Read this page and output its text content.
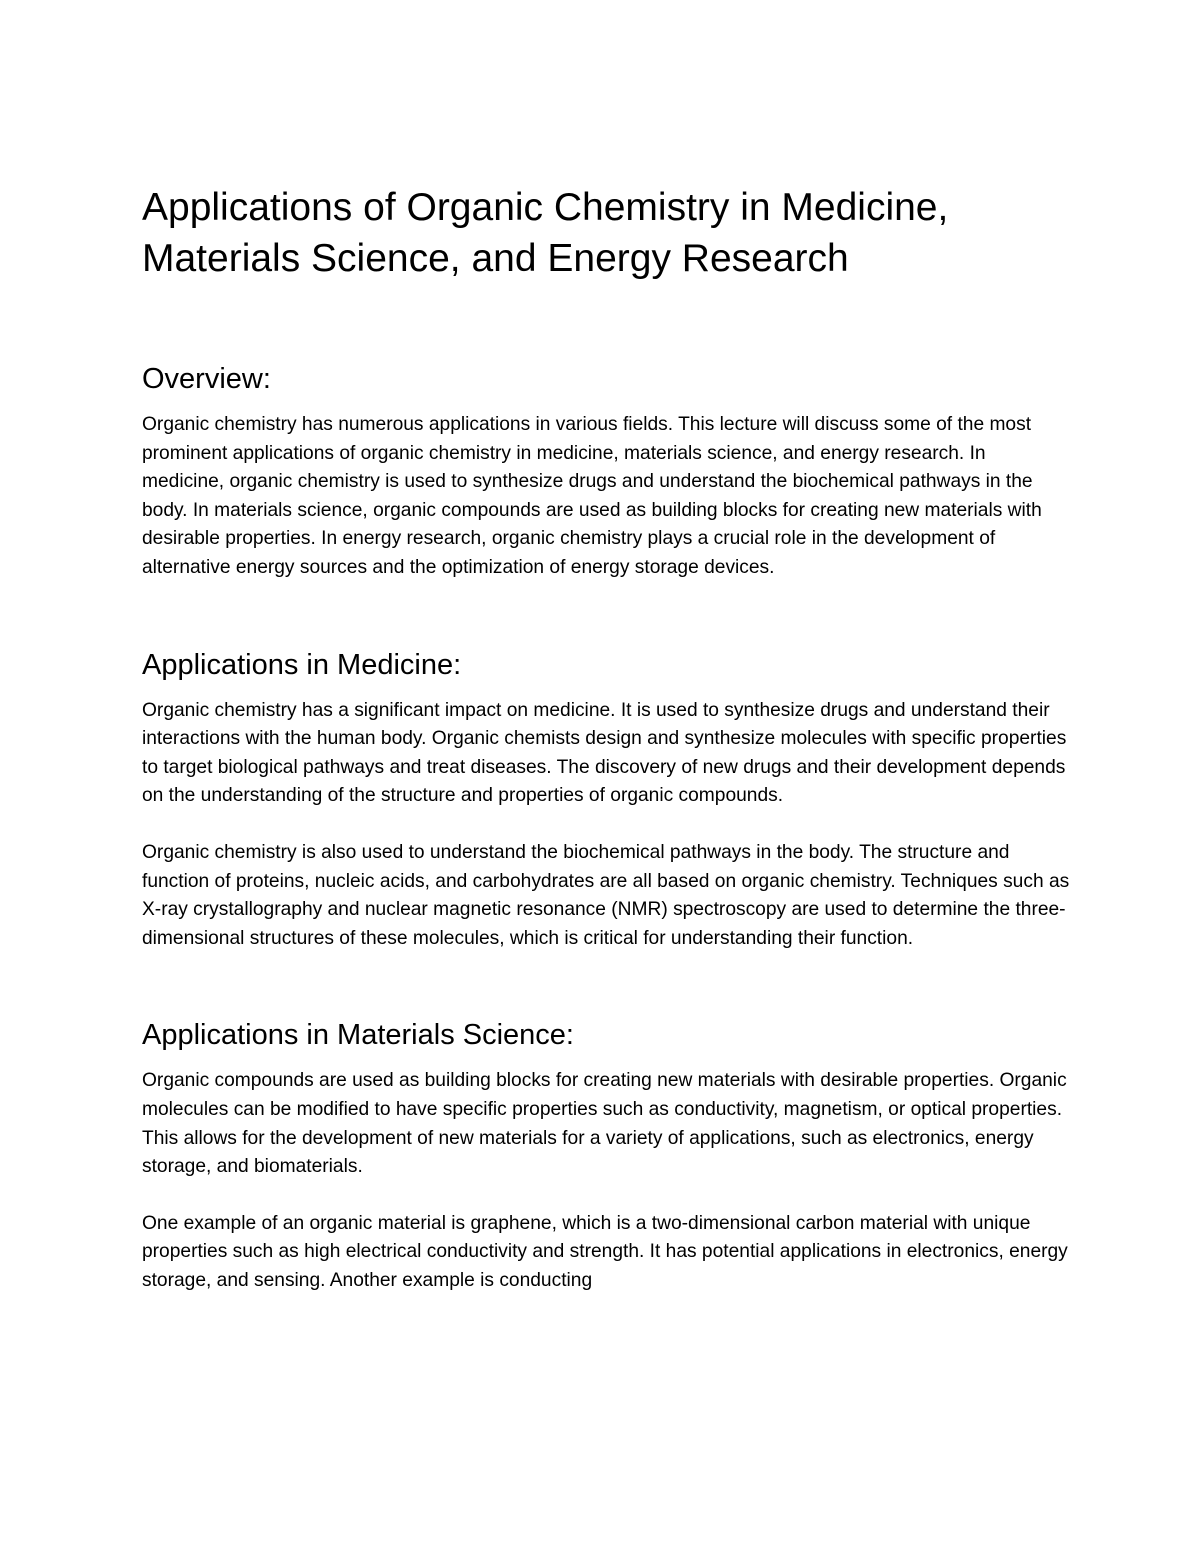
Applications of Organic Chemistry in Medicine,
Materials Science, and Energy Research
Overview:

Organic chemistry has numerous applications in various fields. This lecture will discuss some of the most prominent applications of organic chemistry in medicine, materials science, and energy research. In medicine, organic chemistry is used to synthesize drugs and understand the biochemical pathways in the body. In materials science, organic compounds are used as building blocks for creating new materials with desirable properties. In energy research, organic chemistry plays a crucial role in the development of alternative energy sources and the optimization of energy storage devices.

Applications in Medicine:

Organic chemistry has a significant impact on medicine. It is used to synthesize drugs and understand their interactions with the human body. Organic chemists design and synthesize molecules with specific properties to target biological pathways and treat diseases. The discovery of new drugs and their development depends on the understanding of the structure and properties of organic compounds.

Organic chemistry is also used to understand the biochemical pathways in the body. The structure and function of proteins, nucleic acids, and carbohydrates are all based on organic chemistry. Techniques such as X-ray crystallography and nuclear magnetic resonance (NMR) spectroscopy are used to determine the three-dimensional structures of these molecules, which is critical for understanding their function.

Applications in Materials Science:

Organic compounds are used as building blocks for creating new materials with desirable properties. Organic molecules can be modified to have specific properties such as conductivity, magnetism, or optical properties. This allows for the development of new materials for a variety of applications, such as electronics, energy storage, and biomaterials.

One example of an organic material is graphene, which is a two-dimensional carbon material with unique properties such as high electrical conductivity and strength. It has potential applications in electronics, energy storage, and sensing. Another example is conducting
